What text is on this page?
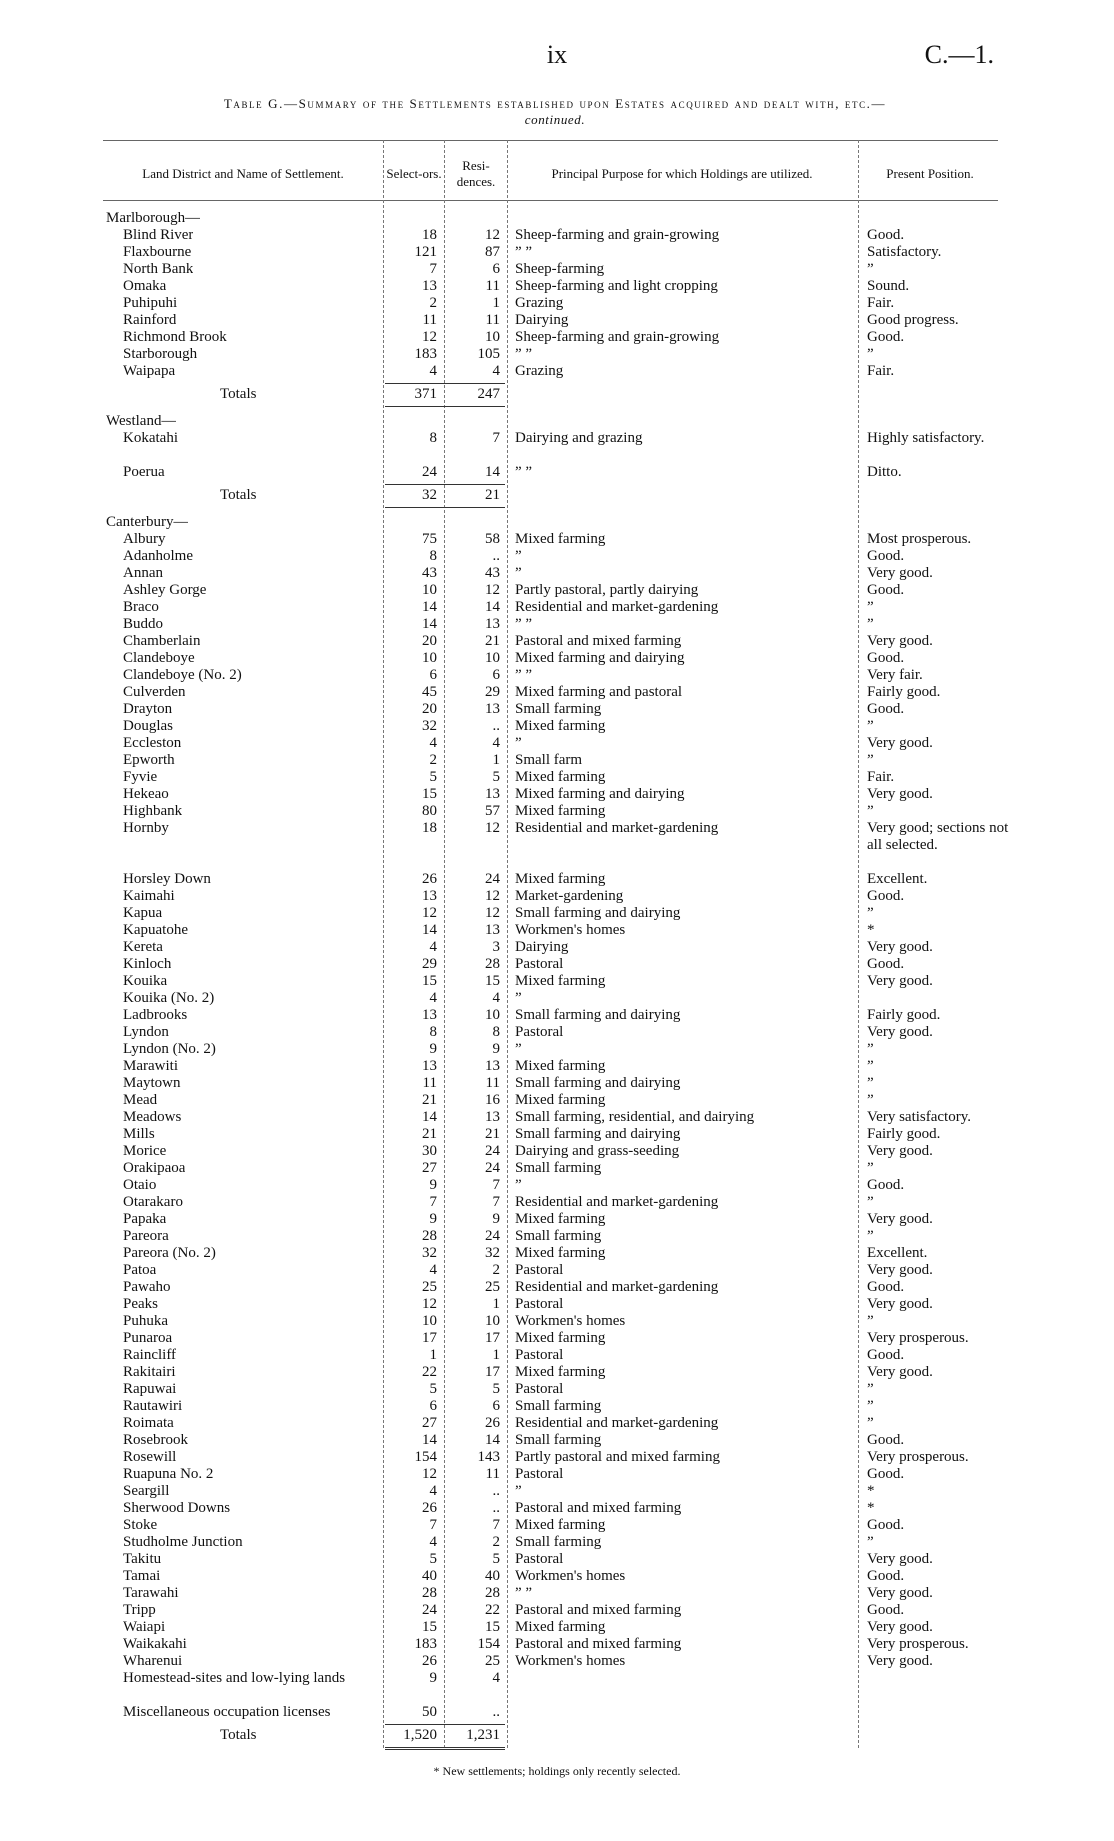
ix	C.—1.
Table G.—Summary of the Settlements established upon Estates acquired and dealt with, etc.—
continued.
Land District and Name of Settlement.	Select-ors.
Resi-dences.
Principal Purpose for which Holdings are utilized.	Present Position.
Marlborough—
Blind River	18	12 Sheep-farming and grain-growing	Good.
Flaxbourne	121	87 ” ”	Satisfactory.
North Bank	7	6 Sheep-farming	”
Omaka	13	11 Sheep-farming and light cropping	Sound.
Puhipuhi	2	1 Grazing	Fair.
Rainford	11	11 Dairying	Good progress.
Richmond Brook	12	10 Sheep-farming and grain-growing	Good.
Starborough	183	105 ” ”	”
Waipapa	4	4 Grazing	Fair.
Totals	371	247
Westland—
Kokatahi	8	7 Dairying and grazing	Highly satisfactory.
Poerua	24	14 ” ”	Ditto.
Totals	32	21
Canterbury—
Albury	75	58 Mixed farming	Most prosperous.
Adanholme	8	.. ”	Good.
Annan	43	43 ”	Very good.
Ashley Gorge	10	12 Partly pastoral, partly dairying	Good.
Braco	14	14 Residential and market-gardening	”
Buddo	14	13 ” ”	”
Chamberlain	20	21 Pastoral and mixed farming	Very good.
Clandeboye	10	10 Mixed farming and dairying	Good.
Clandeboye (No. 2)	6	6 ” ”	Very fair.
Culverden	45	29 Mixed farming and pastoral	Fairly good.
Drayton	20	13 Small farming	Good.
Douglas	32	.. Mixed farming	”
Eccleston	4	4 ”	Very good.
Epworth	2	1 Small farm	”
Fyvie	5	5 Mixed farming	Fair.
Hekeao	15	13 Mixed farming and dairying	Very good.
Highbank	80	57 Mixed farming	”
Hornby	18	12 Residential and market-gardening	Very good; sections not all selected.
Horsley Down	26	24 Mixed farming	Excellent.
Kaimahi	13	12 Market-gardening	Good.
Kapua	12	12 Small farming and dairying	”
Kapuatohe	14	13 Workmen's homes	*
Kereta	4	3 Dairying	Very good.
Kinloch	29	28 Pastoral	Good.
Kouika	15	15 Mixed farming	Very good.
Kouika (No. 2)	4	4 ”
Ladbrooks	13	10 Small farming and dairying	Fairly good.
Lyndon	8	8 Pastoral	Very good.
Lyndon (No. 2)	9	9 ”	”
Marawiti	13	13 Mixed farming	”
Maytown	11	11 Small farming and dairying	”
Mead	21	16 Mixed farming	”
Meadows	14	13 Small farming, residential, and dairying	Very satisfactory.
Mills	21	21 Small farming and dairying	Fairly good.
Morice	30	24 Dairying and grass-seeding	Very good.
Orakipaoa	27	24 Small farming	”
Otaio	9	7 ”	Good.
Otarakaro	7	7 Residential and market-gardening	”
Papaka	9	9 Mixed farming	Very good.
Pareora	28	24 Small farming	”
Pareora (No. 2)	32	32 Mixed farming	Excellent.
Patoa	4	2 Pastoral	Very good.
Pawaho	25	25 Residential and market-gardening	Good.
Peaks	12	1 Pastoral	Very good.
Puhuka	10	10 Workmen's homes	”
Punaroa	17	17 Mixed farming	Very prosperous.
Raincliff	1	1 Pastoral	Good.
Rakitairi	22	17 Mixed farming	Very good.
Rapuwai	5	5 Pastoral	”
Rautawiri	6	6 Small farming	”
Roimata	27	26 Residential and market-gardening	”
Rosebrook	14	14 Small farming	Good.
Rosewill	154	143 Partly pastoral and mixed farming	Very prosperous.
Ruapuna No. 2	12	11 Pastoral	Good.
Seargill	4	.. ”	*
Sherwood Downs	26	.. Pastoral and mixed farming	*
Stoke	7	7 Mixed farming	Good.
Studholme Junction	4	2 Small farming	”
Takitu	5	5 Pastoral	Very good.
Tamai	40	40 Workmen's homes	Good.
Tarawahi	28	28 ” ”	Very good.
Tripp	24	22 Pastoral and mixed farming	Good.
Waiapi	15	15 Mixed farming	Very good.
Waikakahi	183	154 Pastoral and mixed farming	Very prosperous.
Wharenui	26	25 Workmen's homes	Very good.
Homestead-sites and low-lying lands	9	4
Miscellaneous occupation licenses	50	..
Totals	1,520	1,231
* New settlements; holdings only recently selected.
